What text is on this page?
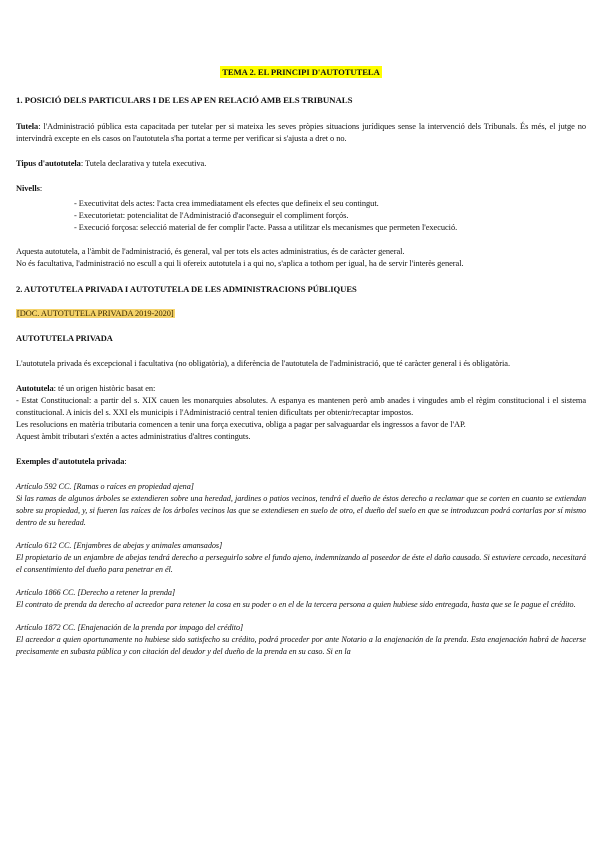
TEMA 2. EL PRINCIPI D'AUTOTUTELA

1. POSICIÓ DELS PARTICULARS I DE LES AP EN RELACIÓ AMB ELS TRIBUNALS

Tutela: l'Administració pública esta capacitada per tutelar per si mateixa les seves pròpies situacions jurídiques sense la intervenció dels Tribunals. És més, el jutge no intervindrà excepte en els casos on l'autotutela s'ha portat a terme per verificar si s'ajusta a dret o no.

Tipus d'autotutela: Tutela declarativa y tutela executiva.

Nivells:

- Executivitat dels actes: l'acta crea immediatament els efectes que defineix el seu contingut.
- Executorietat: potencialitat de l'Administració d'aconseguir el compliment forçós.
- Execució forçosa: selecció material de fer complir l'acte. Passa a utilitzar els mecanismes que permeten l'execució.

Aquesta autotutela, a l'àmbit de l'administració, és general, val per tots els actes administratius, és de caràcter general.

No és facultativa, l'administració no escull a qui li ofereix autotutela i a qui no, s'aplica a tothom per igual, ha de servir l'interès general.

2. AUTOTUTELA PRIVADA I AUTOTUTELA DE LES ADMINISTRACIONS PÚBLIQUES

[DOC. AUTOTUTELA PRIVADA 2019-2020]

AUTOTUTELA PRIVADA

L'autotutela privada és excepcional i facultativa (no obligatòria), a diferència de l'autotutela de l'administració, que té caràcter general i és obligatòria.

Autotutela: té un origen històric basat en:

- Estat Constitucional: a partir del s. XIX cauen les monarquies absolutes. A espanya es mantenen però amb anades i vingudes amb el règim constitucional i el sistema constitucional. A inicis del s. XXI els municipis i l'Administració central tenien dificultats per obtenir/recaptar impostos.

Les resolucions en matèria tributaria comencen a tenir una força executiva, obliga a pagar per salvaguardar els ingressos a favor de l'AP.

Aquest àmbit tributari s'extén a actes administratius d'altres continguts.

Exemples d'autotutela privada:

Artículo 592 CC. [Ramas o raíces en propiedad ajena]

Si las ramas de algunos árboles se extendieren sobre una heredad, jardines o patios vecinos, tendrá el dueño de éstos derecho a reclamar que se corten en cuanto se extiendan sobre su propiedad, y, si fueren las raíces de los árboles vecinos las que se extendiesen en suelo de otro, el dueño del suelo en que se introduzcan podrá cortarlas por sí mismo dentro de su heredad.

Artículo 612 CC. [Enjambres de abejas y animales amansados]

El propietario de un enjambre de abejas tendrá derecho a perseguirlo sobre el fundo ajeno, indemnizando al poseedor de éste el daño causado. Si estuviere cercado, necesitará el consentimiento del dueño para penetrar en él.

Artículo 1866 CC. [Derecho a retener la prenda]

El contrato de prenda da derecho al acreedor para retener la cosa en su poder o en el de la tercera persona a quien hubiese sido entregada, hasta que se le pague el crédito.

Artículo 1872 CC. [Enajenación de la prenda por impago del crédito]

El acreedor a quien oportunamente no hubiese sido satisfecho su crédito, podrá proceder por ante Notario a la enajenación de la prenda. Esta enajenación habrá de hacerse precisamente en subasta pública y con citación del deudor y del dueño de la prenda en su caso. Si en la
